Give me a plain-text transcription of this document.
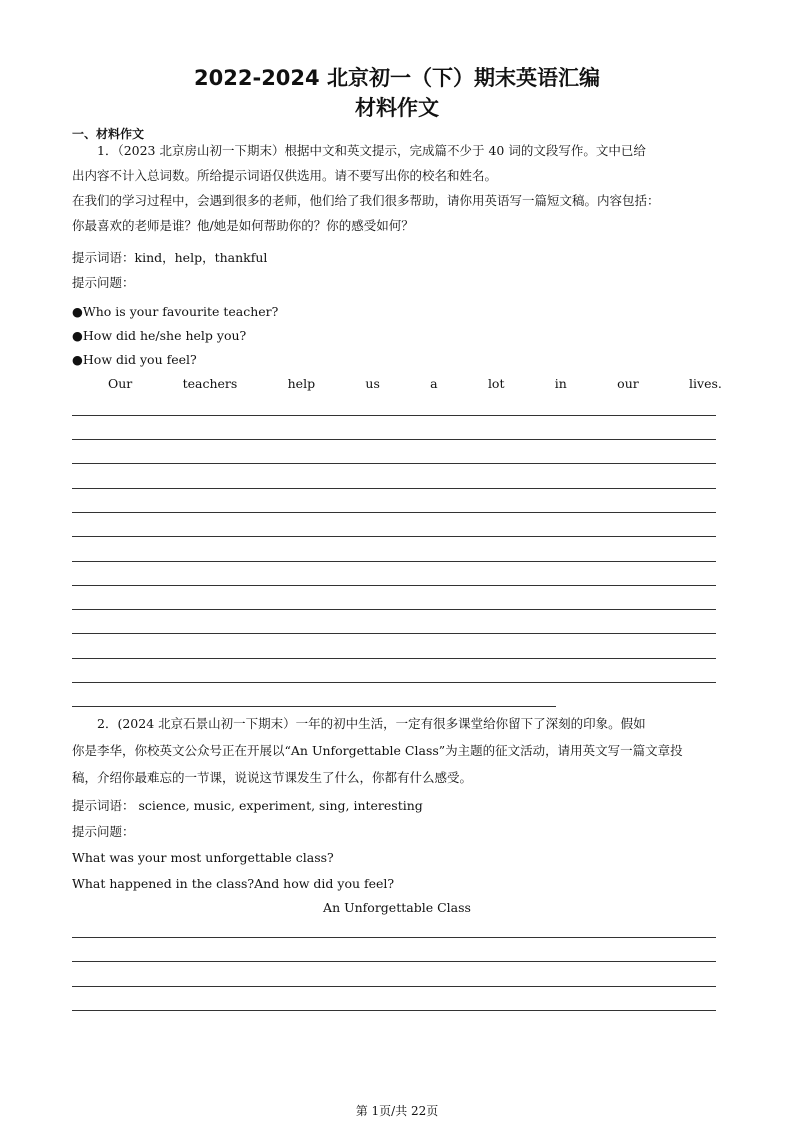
2022-2024 北京初一（下）期末英语汇编
材料作文
一、材料作文
　　1．（2023 北京房山初一下期末）根据中文和英文提示，完成篇不少于 40 词的文段写作。文中已给
出内容不计入总词数。所给提示词语仅供选用。请不要写出你的校名和姓名。
在我们的学习过程中，会遇到很多的老师，他们给了我们很多帮助，请你用英语写一篇短文稿。内容包括：
你最喜欢的老师是谁？他/她是如何帮助你的？你的感受如何？
提示词语：kind，help，thankful
提示问题：
●Who is your favourite teacher?
●How did he/she help you?
●How did you feel?
Our	teachers	help	us	a	lot	in	our	lives.
　　2．(2024 北京石景山初一下期末）一年的初中生活，一定有很多课堂给你留下了深刻的印象。假如
你是李华，你校英文公众号正在开展以“An Unforgettable Class”为主题的征文活动，请用英文写一篇文章投
稿，介绍你最难忘的一节课，说说这节课发生了什么，你都有什么感受。
提示词语： science, music, experiment, sing, interesting
提示问题：
What was your most unforgettable class?
What happened in the class?And how did you feel?
An Unforgettable Class
第 1页/共 22页
